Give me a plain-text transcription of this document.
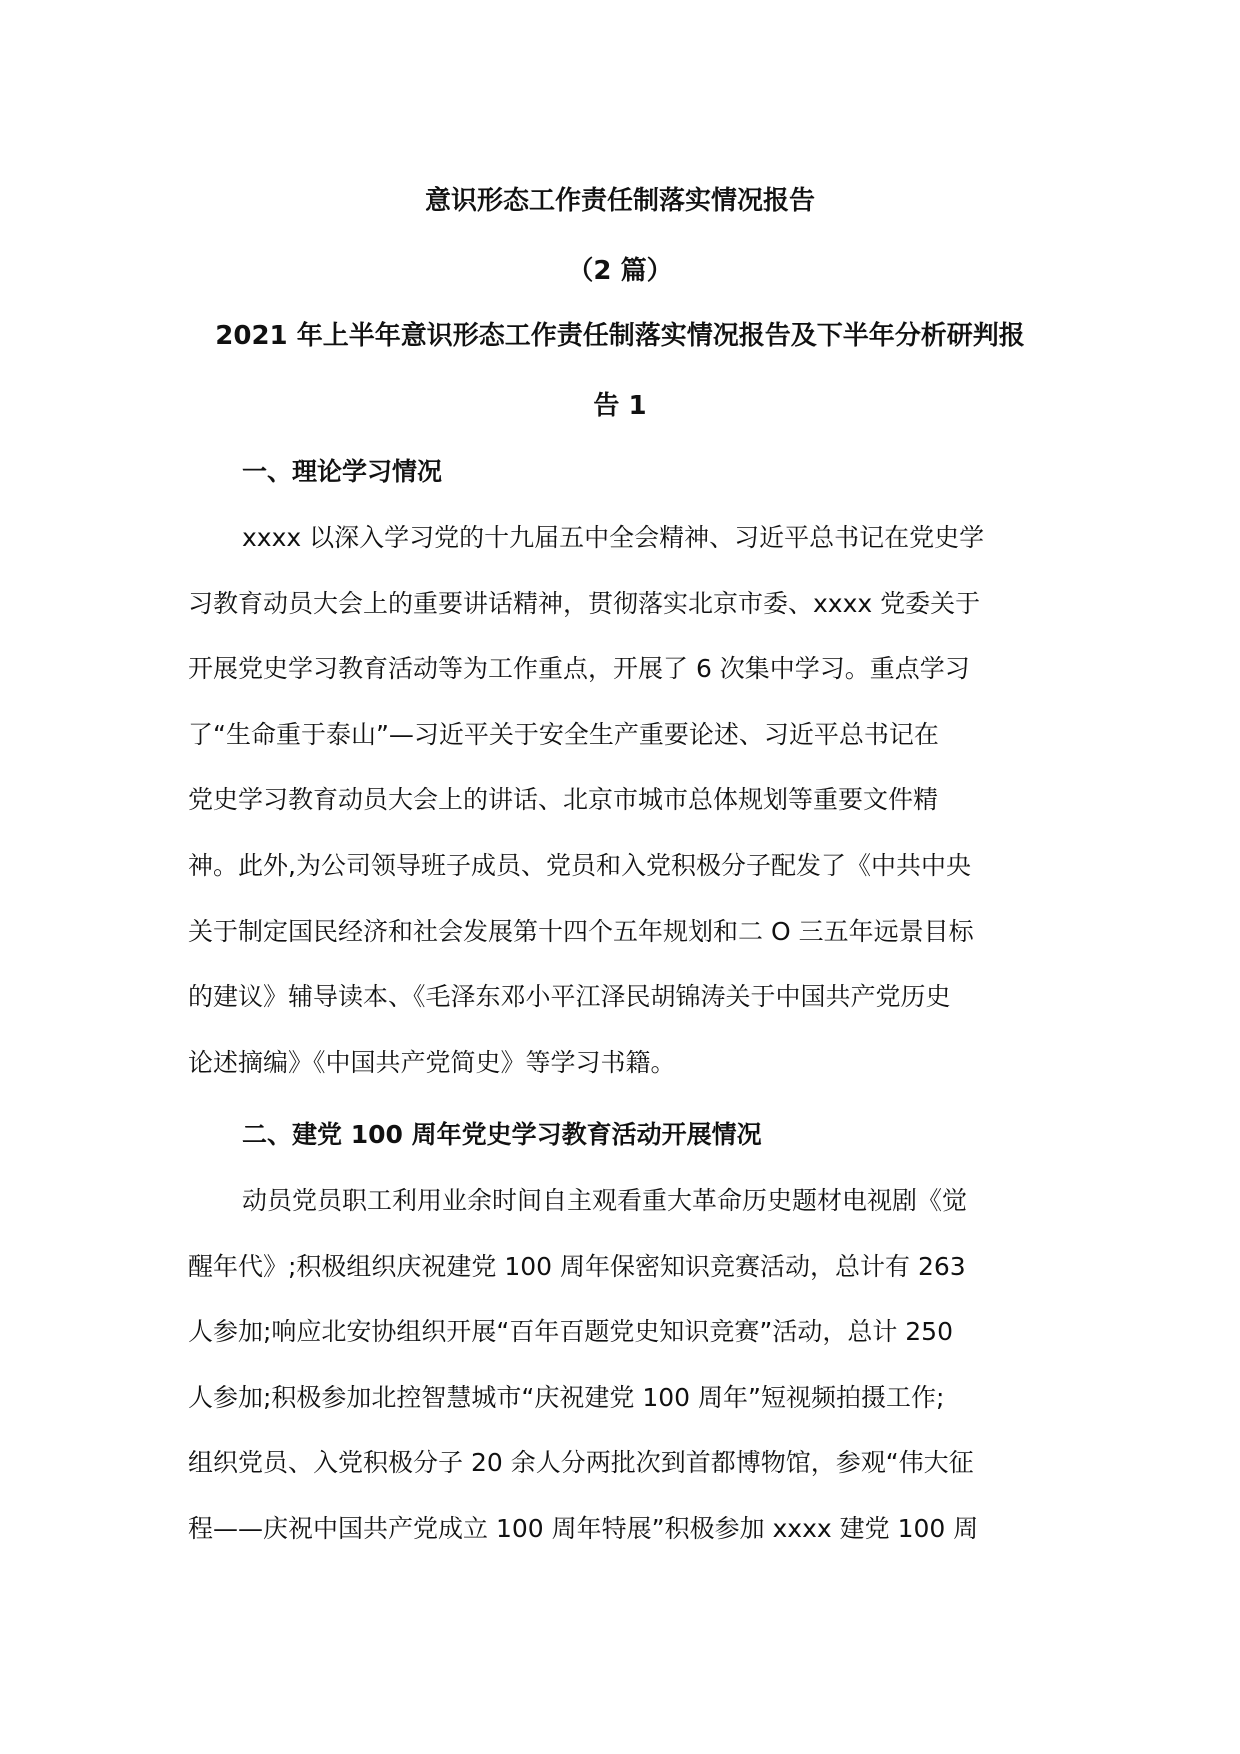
意识形态工作责任制落实情况报告
（2 篇）
2021 年上半年意识形态工作责任制落实情况报告及下半年分析研判报
告 1
一、理论学习情况
xxxx 以深入学习党的十九届五中全会精神、习近平总书记在党史学
习教育动员大会上的重要讲话精神，贯彻落实北京市委、xxxx 党委关于
开展党史学习教育活动等为工作重点，开展了 6 次集中学习。重点学习
了“生命重于泰山”—习近平关于安全生产重要论述、习近平总书记在
党史学习教育动员大会上的讲话、北京市城市总体规划等重要文件精
神。此外,为公司领导班子成员、党员和入党积极分子配发了《中共中央
关于制定国民经济和社会发展第十四个五年规划和二 O 三五年远景目标
的建议》辅导读本、《毛泽东邓小平江泽民胡锦涛关于中国共产党历史
论述摘编》《中国共产党简史》等学习书籍。
二、建党 100 周年党史学习教育活动开展情况
动员党员职工利用业余时间自主观看重大革命历史题材电视剧《觉
醒年代》;积极组织庆祝建党 100 周年保密知识竞赛活动，总计有 263
人参加;响应北安协组织开展“百年百题党史知识竞赛”活动，总计 250
人参加;积极参加北控智慧城市“庆祝建党 100 周年”短视频拍摄工作;
组织党员、入党积极分子 20 余人分两批次到首都博物馆，参观“伟大征
程——庆祝中国共产党成立 100 周年特展”积极参加 xxxx 建党 100 周
